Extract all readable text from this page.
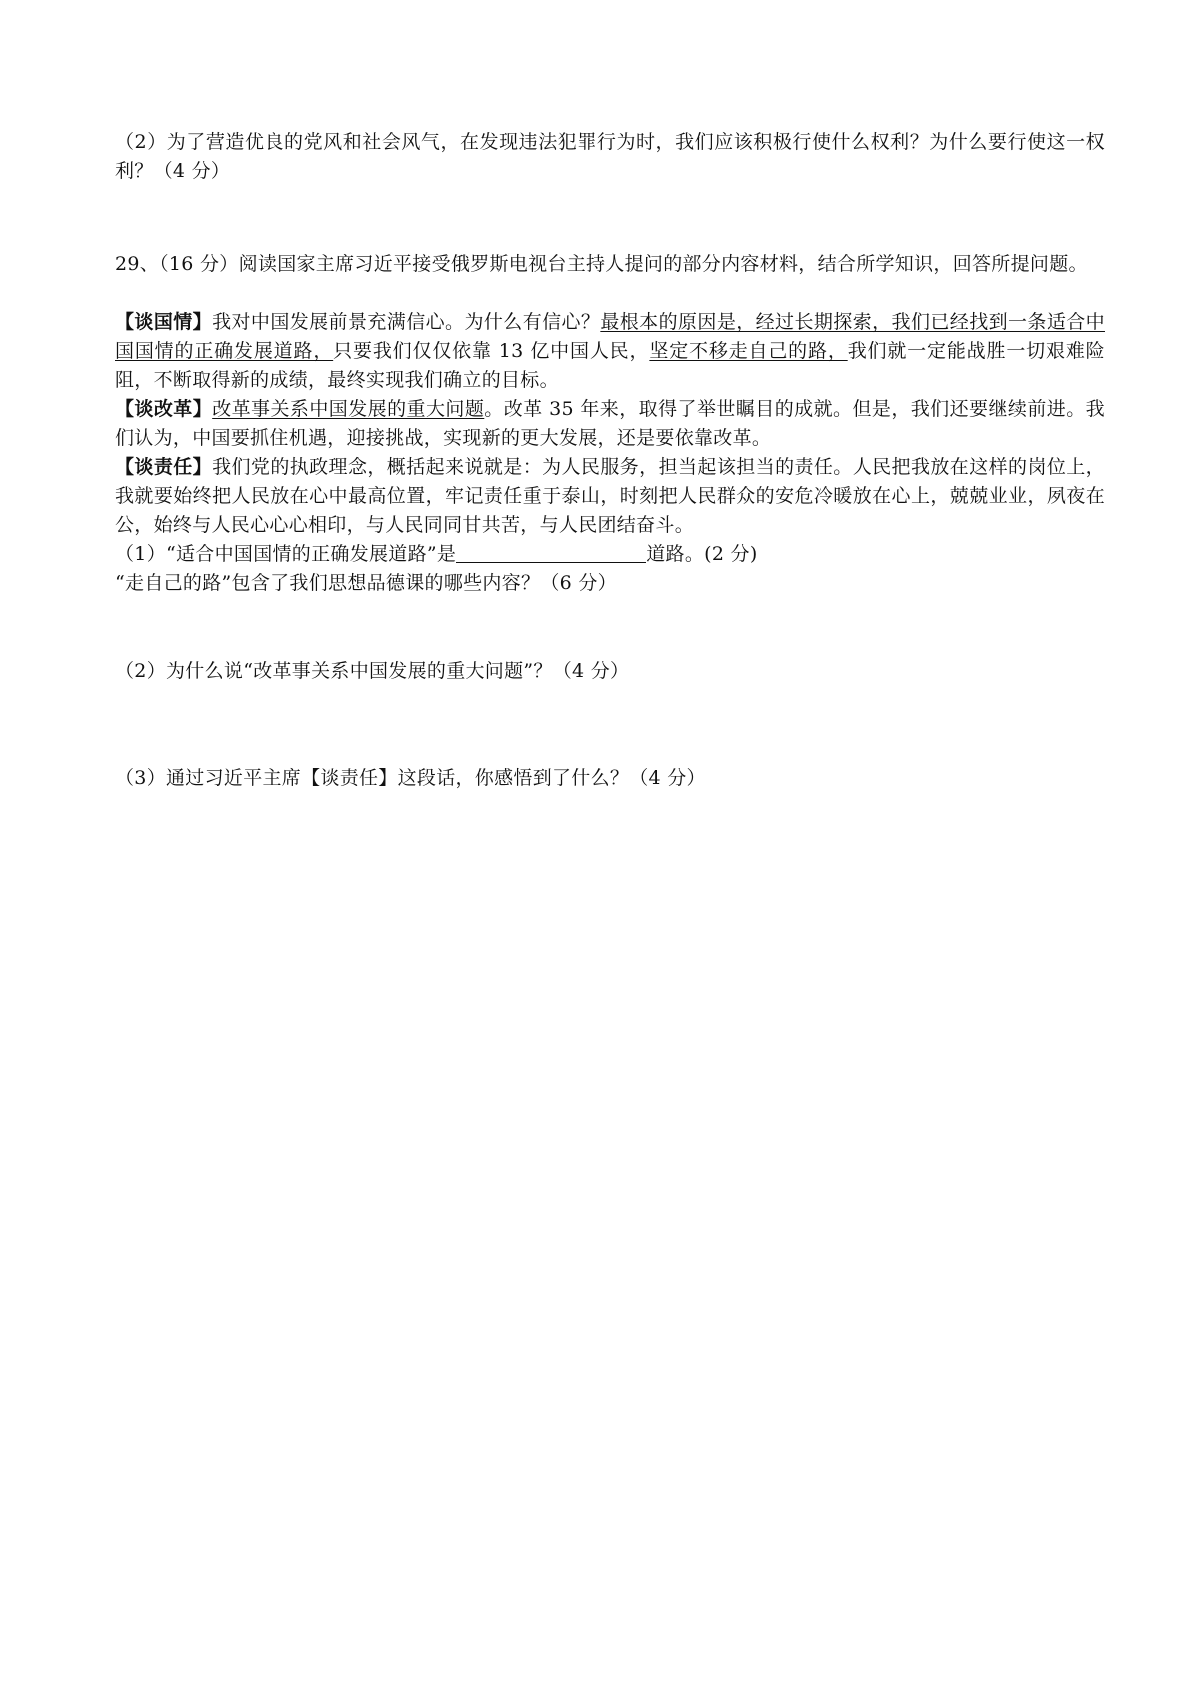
（2）为了营造优良的党风和社会风气，在发现违法犯罪行为时，我们应该积极行使什么权利？为什么要行使这一权利？（4 分）
29、（16 分）阅读国家主席习近平接受俄罗斯电视台主持人提问的部分内容材料，结合所学知识，回答所提问题。
【谈国情】我对中国发展前景充满信心。为什么有信心？最根本的原因是，经过长期探索，我们已经找到一条适合中国国情的正确发展道路，只要我们仅仅依靠 13 亿中国人民，坚定不移走自己的路，我们就一定能战胜一切艰难险阻，不断取得新的成绩，最终实现我们确立的目标。
【谈改革】改革事关系中国发展的重大问题。改革 35 年来，取得了举世瞩目的成就。但是，我们还要继续前进。我们认为，中国要抓住机遇，迎接挑战，实现新的更大发展，还是要依靠改革。
【谈责任】我们党的执政理念，概括起来说就是：为人民服务，担当起该担当的责任。人民把我放在这样的岗位上，我就要始终把人民放在心中最高位置，牢记责任重于泰山，时刻把人民群众的安危冷暖放在心上，兢兢业业，夙夜在公，始终与人民心心心相印，与人民同同甘共苦，与人民团结奋斗。
（1）“适合中国国情的正确发展道路”是	道路。(2 分)
“走自己的路”包含了我们思想品德课的哪些内容？（6 分）
（2）为什么说“改革事关系中国发展的重大问题”？（4 分）
（3）通过习近平主席【谈责任】这段话，你感悟到了什么？（4 分）
